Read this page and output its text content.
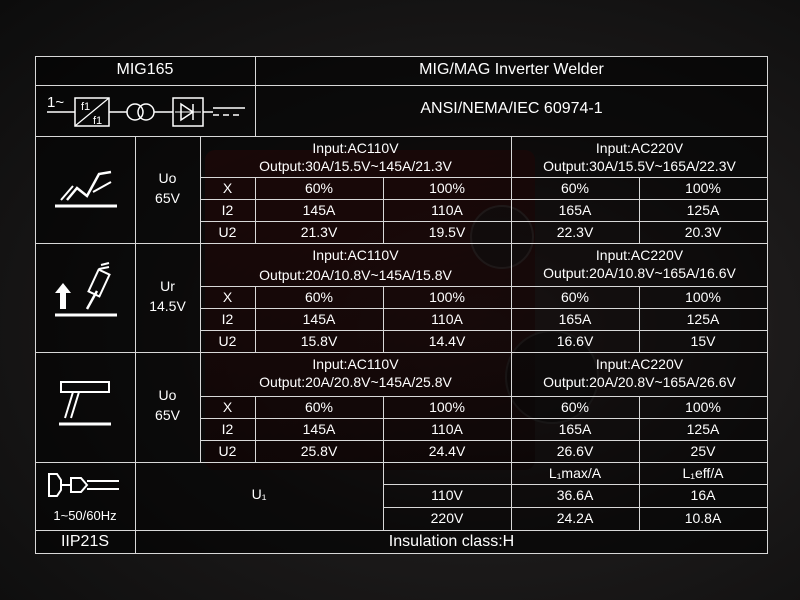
MIG165	MIG/MAG Inverter Welder
ANSI/NEMA/IEC 60974-1
1~ f1
f1
Uo
65V
Input:AC110V
Output:30A/15.5V~145A/21.3V
Input:AC220V
Output:30A/15.5V~165A/22.3V
X	60%	100%	60%	100%
I2	145A	110A	165A	125A
U2	21.3V	19.5V	22.3V	20.3V
Ur
14.5V
Input:AC110V
Output:20A/10.8V~145A/15.8V
Input:AC220V
Output:20A/10.8V~165A/16.6V
X	60%	100%	60%	100%
I2	145A	110A	165A	125A
U2	15.8V	14.4V	16.6V	15V
Uo
65V
Input:AC110V
Output:20A/20.8V~145A/25.8V
Input:AC220V
Output:20A/20.8V~165A/26.6V
X	60%	100%	60%	100%
I2	145A	110A	165A	125A
U2	25.8V	24.4V	26.6V	25V
1~50/60Hz
U₁
L₁max/A	L₁eff/A
110V	36.6A	16A
220V	24.2A	10.8A
IIP21S	Insulation class:H
